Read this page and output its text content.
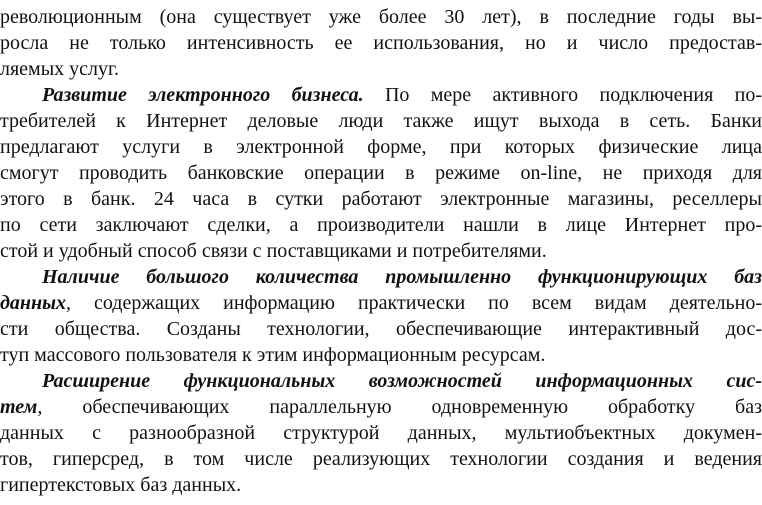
революционным (она существует уже более 30 лет), в последние годы вы-
росла не только интенсивность ее использования, но и число предостав-
ляемых услуг.
Развитие электронного бизнеса. По мере активного подключения по-
требителей к Интернет деловые люди также ищут выхода в сеть. Банки
предлагают услуги в электронной форме, при которых физические лица
смогут проводить банковские операции в режиме on-line, не приходя для
этого в банк. 24 часа в сутки работают электронные магазины, реселлеры
по сети заключают сделки, а производители нашли в лице Интернет про-
стой и удобный способ связи с поставщиками и потребителями.
Наличие большого количества промышленно функционирующих баз
данных, содержащих информацию практически по всем видам деятельно-
сти общества. Созданы технологии, обеспечивающие интерактивный дос-
туп массового пользователя к этим информационным ресурсам.
Расширение функциональных возможностей информационных сис-
тем, обеспечивающих параллельную одновременную обработку баз
данных с разнообразной структурой данных, мультиобъектных докумен-
тов, гиперсред, в том числе реализующих технологии создания и ведения
гипертекстовых баз данных.
